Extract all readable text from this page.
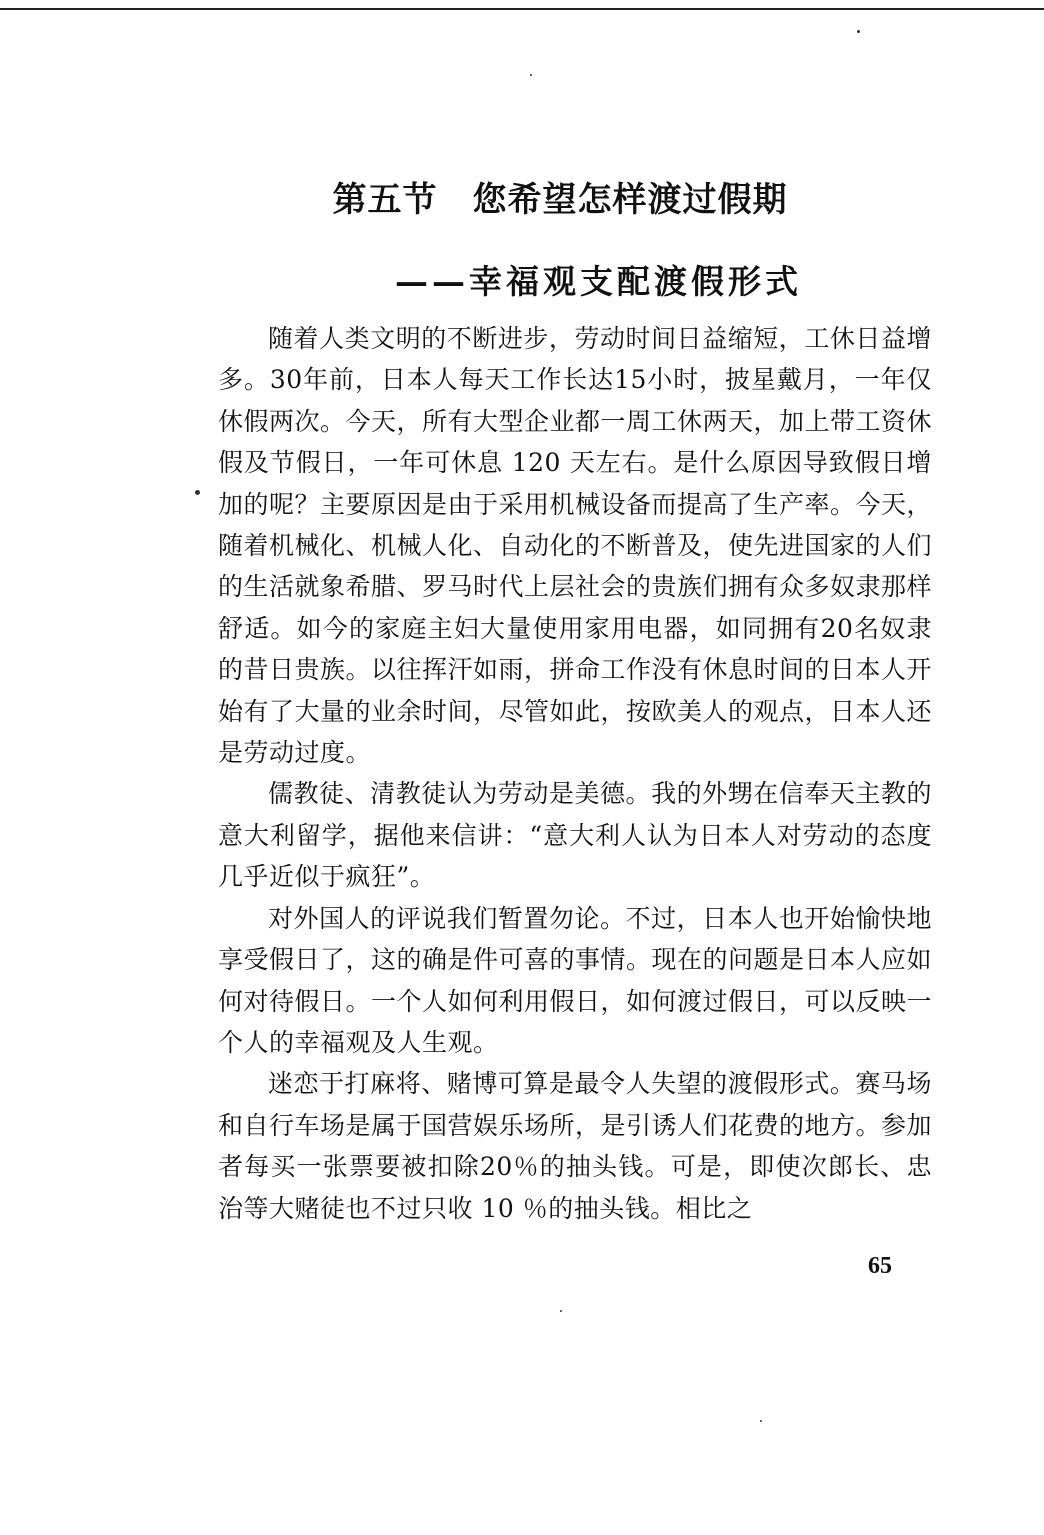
第五节　您希望怎样渡过假期
——幸福观支配渡假形式

随着人类文明的不断进步，劳动时间日益缩短，工休日益增多。30年前，日本人每天工作长达15小时，披星戴月，一年仅休假两次。今天，所有大型企业都一周工休两天，加上带工资休假及节假日，一年可休息 120 天左右。是什么原因导致假日增加的呢？主要原因是由于采用机械设备而提高了生产率。今天，随着机械化、机械人化、自动化的不断普及，使先进国家的人们的生活就象希腊、罗马时代上层社会的贵族们拥有众多奴隶那样舒适。如今的家庭主妇大量使用家用电器，如同拥有20名奴隶的昔日贵族。以往挥汗如雨，拼命工作没有休息时间的日本人开始有了大量的业余时间，尽管如此，按欧美人的观点，日本人还是劳动过度。

儒教徒、清教徒认为劳动是美德。我的外甥在信奉天主教的意大利留学，据他来信讲：“意大利人认为日本人对劳动的态度几乎近似于疯狂”。

对外国人的评说我们暂置勿论。不过，日本人也开始愉快地享受假日了，这的确是件可喜的事情。现在的问题是日本人应如何对待假日。一个人如何利用假日，如何渡过假日，可以反映一个人的幸福观及人生观。

迷恋于打麻将、赌博可算是最令人失望的渡假形式。赛马场和自行车场是属于国营娱乐场所，是引诱人们花费的地方。参加者每买一张票要被扣除20％的抽头钱。可是，即使次郎长、忠治等大赌徒也不过只收 10 ％的抽头钱。相比之

65
